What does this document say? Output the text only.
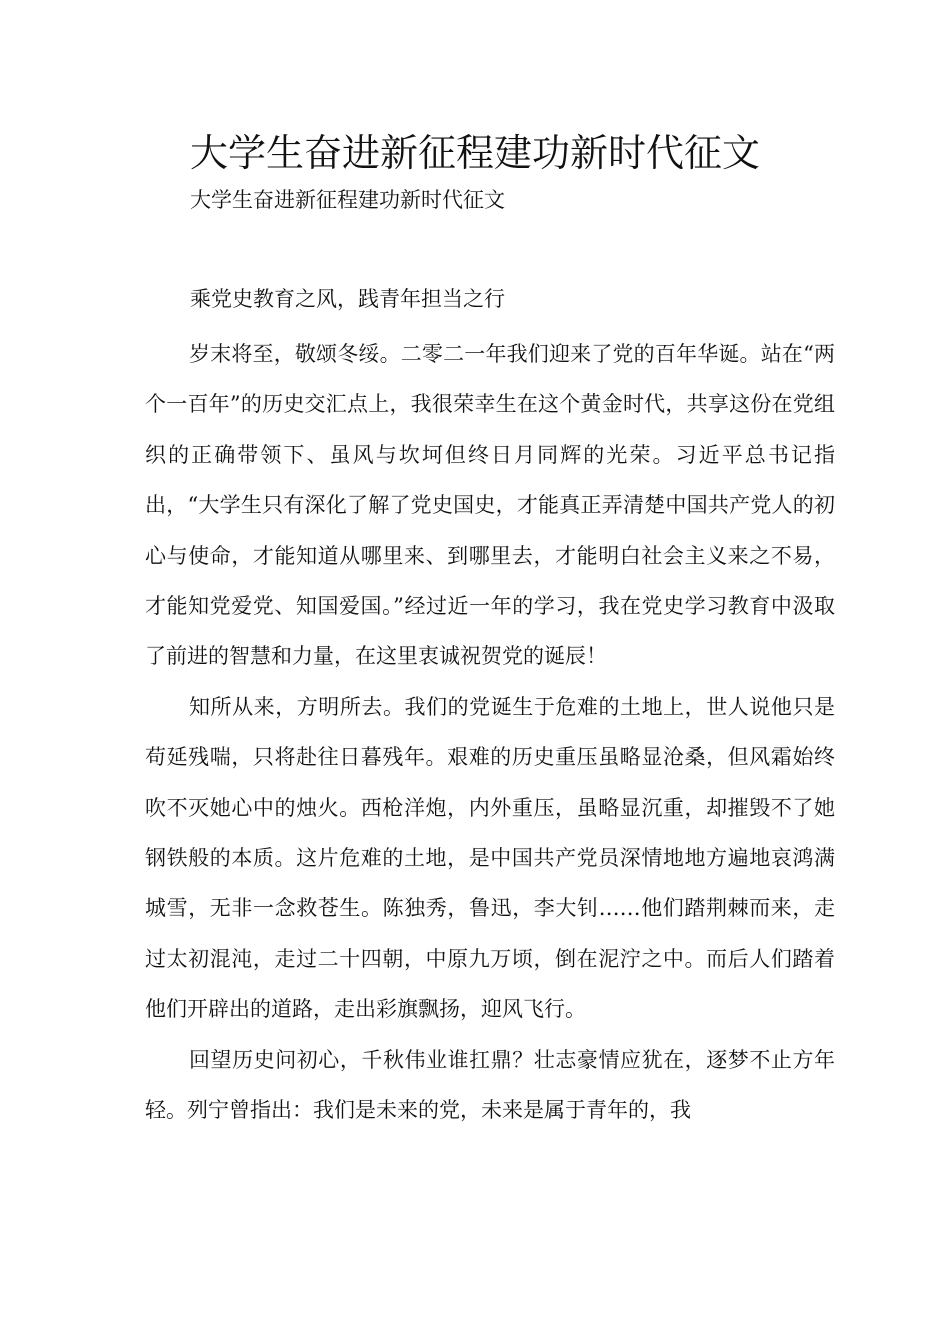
大学生奋进新征程建功新时代征文

大学生奋进新征程建功新时代征文

乘党史教育之风，践青年担当之行

岁末将至，敬颂冬绥。二零二一年我们迎来了党的百年华诞。站在“两个一百年”的历史交汇点上，我很荣幸生在这个黄金时代，共享这份在党组织的正确带领下、虽风与坎坷但终日月同辉的光荣。习近平总书记指出，“大学生只有深化了解了党史国史，才能真正弄清楚中国共产党人的初心与使命，才能知道从哪里来、到哪里去，才能明白社会主义来之不易，才能知党爱党、知国爱国。”经过近一年的学习，我在党史学习教育中汲取了前进的智慧和力量，在这里衷诚祝贺党的诞辰！

知所从来，方明所去。我们的党诞生于危难的土地上，世人说他只是苟延残喘，只将赴往日暮残年。艰难的历史重压虽略显沧桑，但风霜始终吹不灭她心中的烛火。西枪洋炮，内外重压，虽略显沉重，却摧毁不了她钢铁般的本质。这片危难的土地，是中国共产党员深情地地方遍地哀鸿满城雪，无非一念救苍生。陈独秀，鲁迅，李大钊……他们踏荆棘而来，走过太初混沌，走过二十四朝，中原九万顷，倒在泥泞之中。而后人们踏着他们开辟出的道路，走出彩旗飘扬，迎风飞行。

回望历史问初心，千秋伟业谁扛鼎？壮志豪情应犹在，逐梦不止方年轻。列宁曾指出：我们是未来的党，未来是属于青年的，我
